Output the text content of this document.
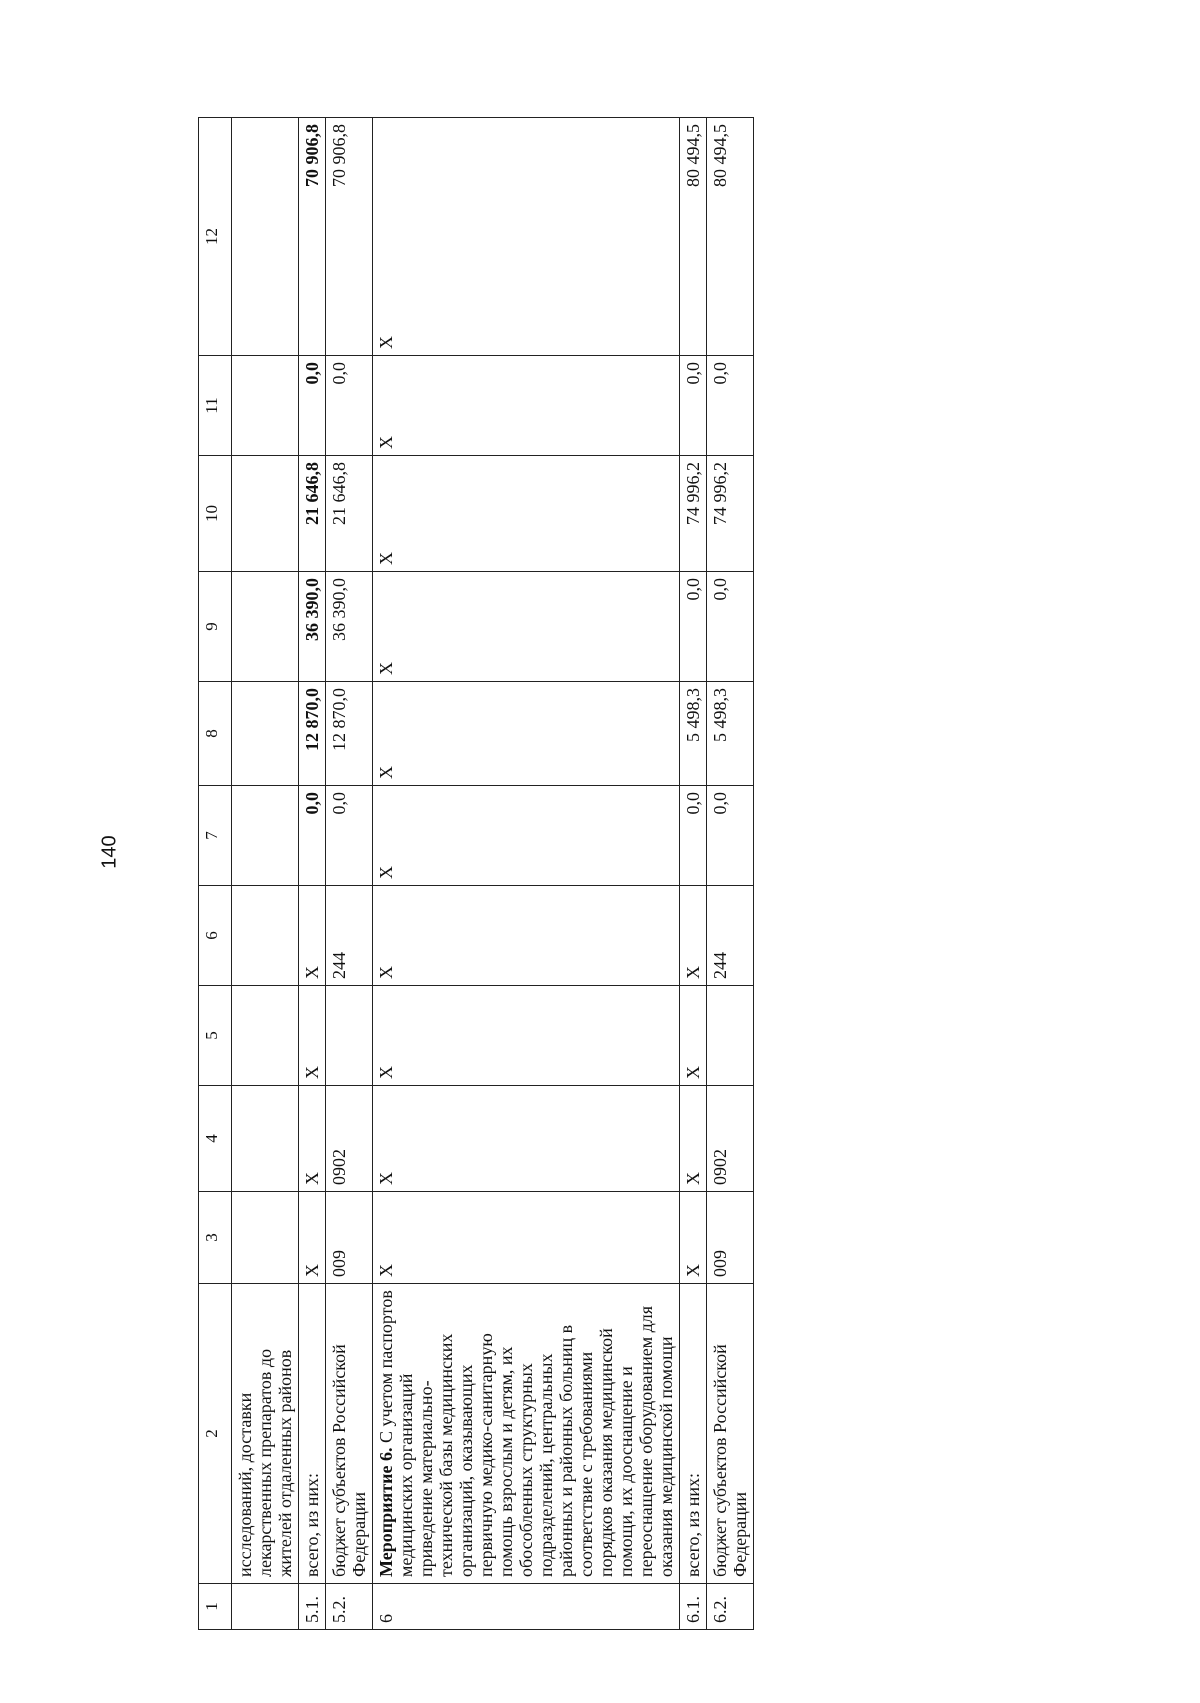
140
1	2	3	4	5	6	7	8	9	10	11	12
	исследований, доставки лекарственных препаратов до жителей отдаленных районов										
5.1.	всего, из них:	Х	Х	Х	Х	0,0	12 870,0	36 390,0	21 646,8	0,0	70 906,8
5.2.	бюджет субъектов Российской Федерации	009	0902		244	0,0	12 870,0	36 390,0	21 646,8	0,0	70 906,8
6	Мероприятие 6. С учетом паспортов медицинских организаций приведение материально-технической базы медицинских организаций, оказывающих первичную медико-санитарную помощь взрослым и детям, их обособленных структурных подразделений, центральных районных и районных больниц в соответствие с требованиями порядков оказания медицинской помощи, их дооснащение и переоснащение оборудованием для оказания медицинской помощи	Х	Х	Х	Х	Х	Х	Х	Х	Х	Х
6.1.	всего, из них:	Х	Х	Х	Х	0,0	5 498,3	0,0	74 996,2	0,0	80 494,5
6.2.	бюджет субъектов Российской Федерации	009	0902		244	0,0	5 498,3	0,0	74 996,2	0,0	80 494,5
